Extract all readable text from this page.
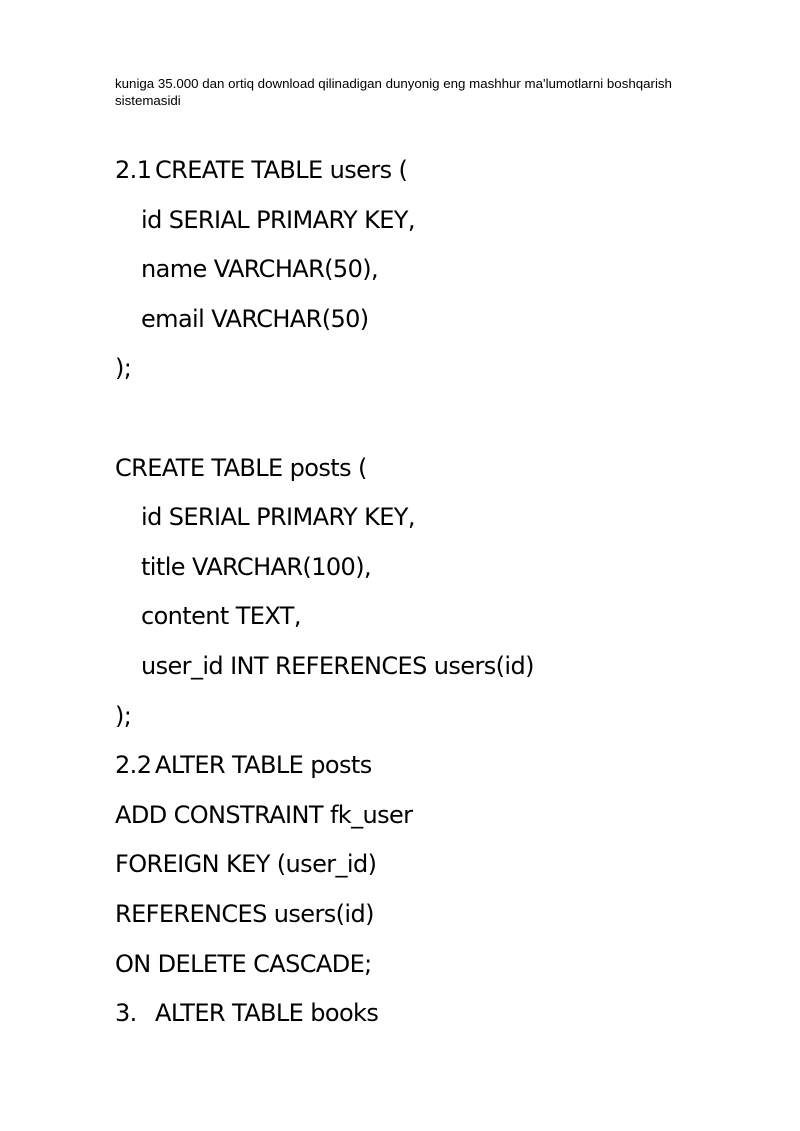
kuniga 35.000 dan ortiq download qilinadigan dunyonig eng mashhur ma'lumotlarni boshqarish sistemasidi

2.1 CREATE TABLE users (
id SERIAL PRIMARY KEY,
name VARCHAR(50),
email VARCHAR(50)
);
CREATE TABLE posts (
id SERIAL PRIMARY KEY,
title VARCHAR(100),
content TEXT,
user_id INT REFERENCES users(id)
);
2.2 ALTER TABLE posts
ADD CONSTRAINT fk_user
FOREIGN KEY (user_id)
REFERENCES users(id)
ON DELETE CASCADE;
3. ALTER TABLE books
